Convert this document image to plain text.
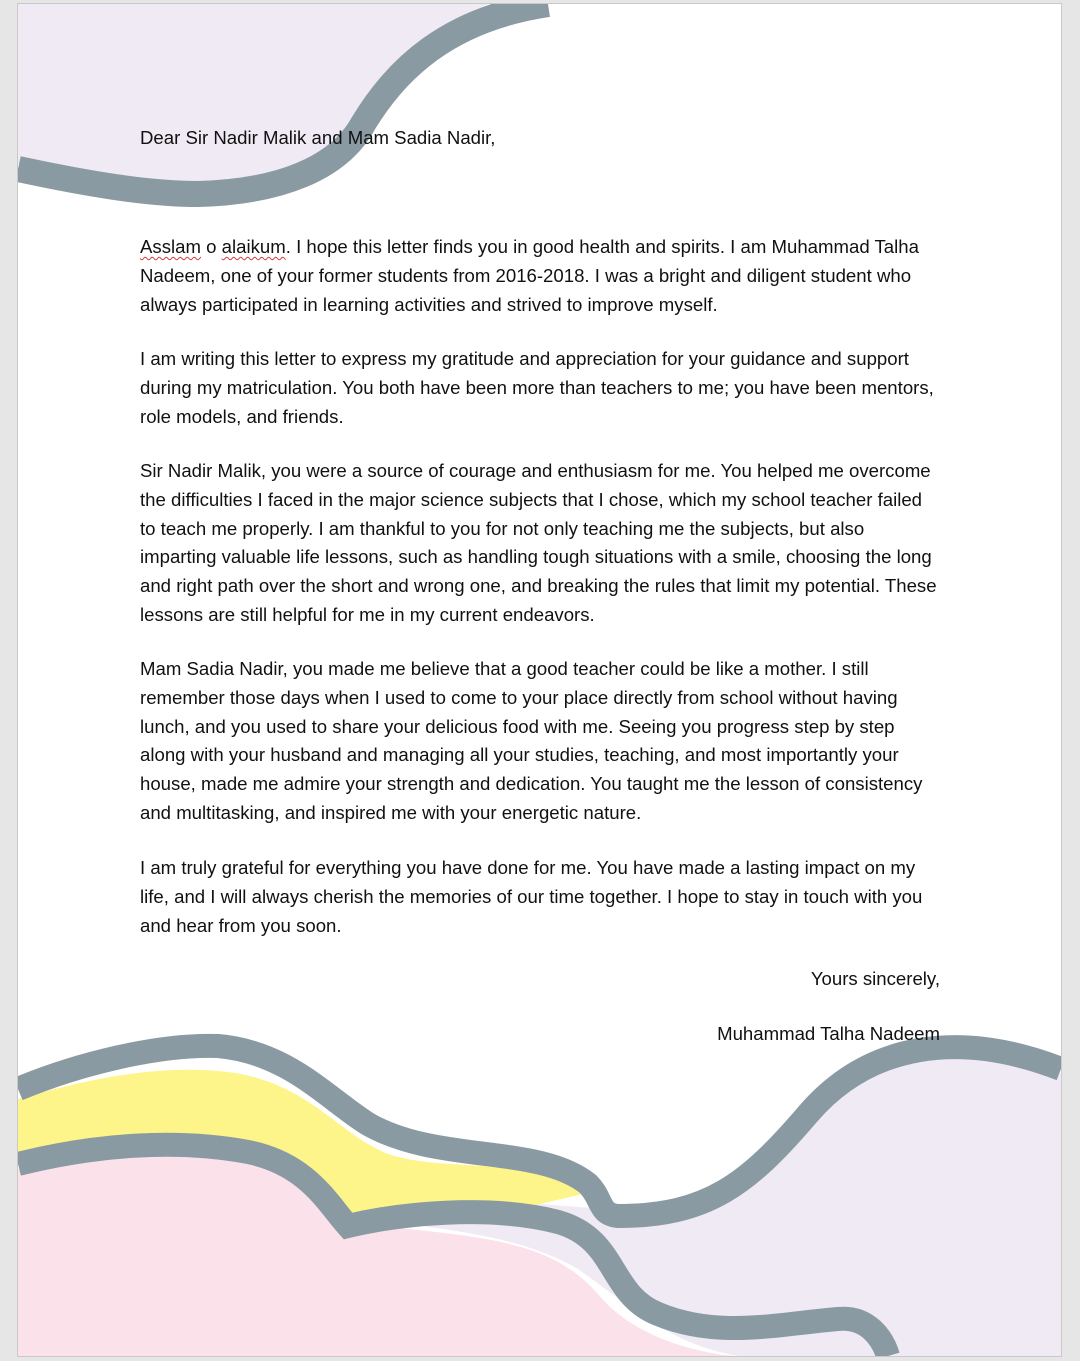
Dear Sir Nadir Malik and Mam Sadia Nadir,

Asslam o alaikum. I hope this letter finds you in good health and spirits. I am Muhammad Talha Nadeem, one of your former students from 2016-2018. I was a bright and diligent student who always participated in learning activities and strived to improve myself.

I am writing this letter to express my gratitude and appreciation for your guidance and support during my matriculation. You both have been more than teachers to me; you have been mentors, role models, and friends.

Sir Nadir Malik, you were a source of courage and enthusiasm for me. You helped me overcome the difficulties I faced in the major science subjects that I chose, which my school teacher failed to teach me properly. I am thankful to you for not only teaching me the subjects, but also imparting valuable life lessons, such as handling tough situations with a smile, choosing the long and right path over the short and wrong one, and breaking the rules that limit my potential. These lessons are still helpful for me in my current endeavors.

Mam Sadia Nadir, you made me believe that a good teacher could be like a mother. I still remember those days when I used to come to your place directly from school without having lunch, and you used to share your delicious food with me. Seeing you progress step by step along with your husband and managing all your studies, teaching, and most importantly your house, made me admire your strength and dedication. You taught me the lesson of consistency and multitasking, and inspired me with your energetic nature.

I am truly grateful for everything you have done for me. You have made a lasting impact on my life, and I will always cherish the memories of our time together. I hope to stay in touch with you and hear from you soon.

Yours sincerely,
Muhammad Talha Nadeem
